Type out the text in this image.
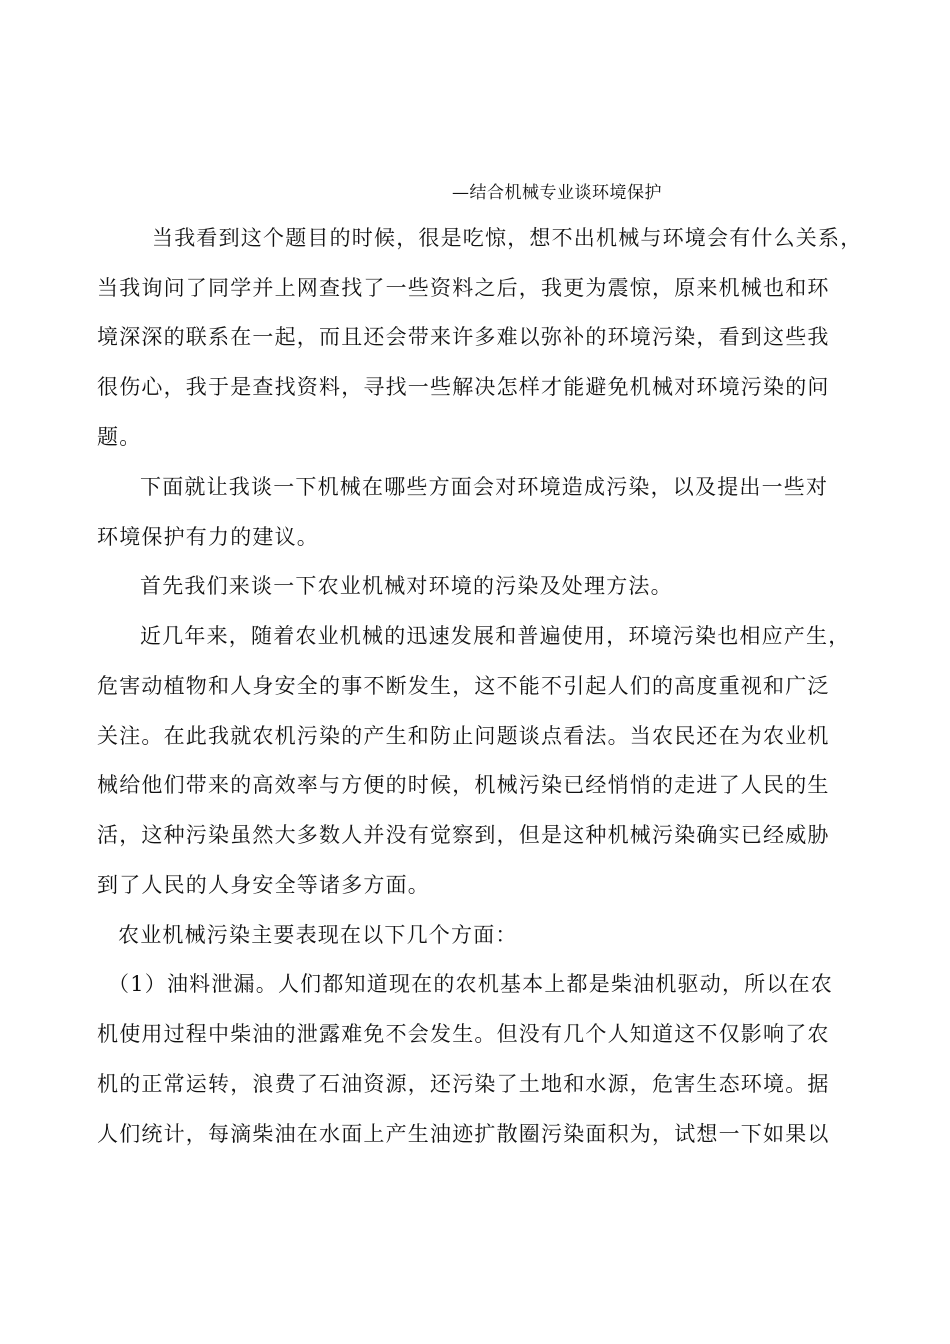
—结合机械专业谈环境保护
当我看到这个题目的时候，很是吃惊，想不出机械与环境会有什么关系，
当我询问了同学并上网查找了一些资料之后，我更为震惊，原来机械也和环
境深深的联系在一起，而且还会带来许多难以弥补的环境污染，看到这些我
很伤心，我于是查找资料，寻找一些解决怎样才能避免机械对环境污染的问
题。
下面就让我谈一下机械在哪些方面会对环境造成污染，以及提出一些对
环境保护有力的建议。
首先我们来谈一下农业机械对环境的污染及处理方法。
近几年来，随着农业机械的迅速发展和普遍使用，环境污染也相应产生，
危害动植物和人身安全的事不断发生，这不能不引起人们的高度重视和广泛
关注。在此我就农机污染的产生和防止问题谈点看法。当农民还在为农业机
械给他们带来的高效率与方便的时候，机械污染已经悄悄的走进了人民的生
活，这种污染虽然大多数人并没有觉察到，但是这种机械污染确实已经威胁
到了人民的人身安全等诸多方面。
农业机械污染主要表现在以下几个方面：
（1）油料泄漏。人们都知道现在的农机基本上都是柴油机驱动，所以在农
机使用过程中柴油的泄露难免不会发生。但没有几个人知道这不仅影响了农
机的正常运转，浪费了石油资源，还污染了土地和水源，危害生态环境。据
人们统计，每滴柴油在水面上产生油迹扩散圈污染面积为，试想一下如果以
